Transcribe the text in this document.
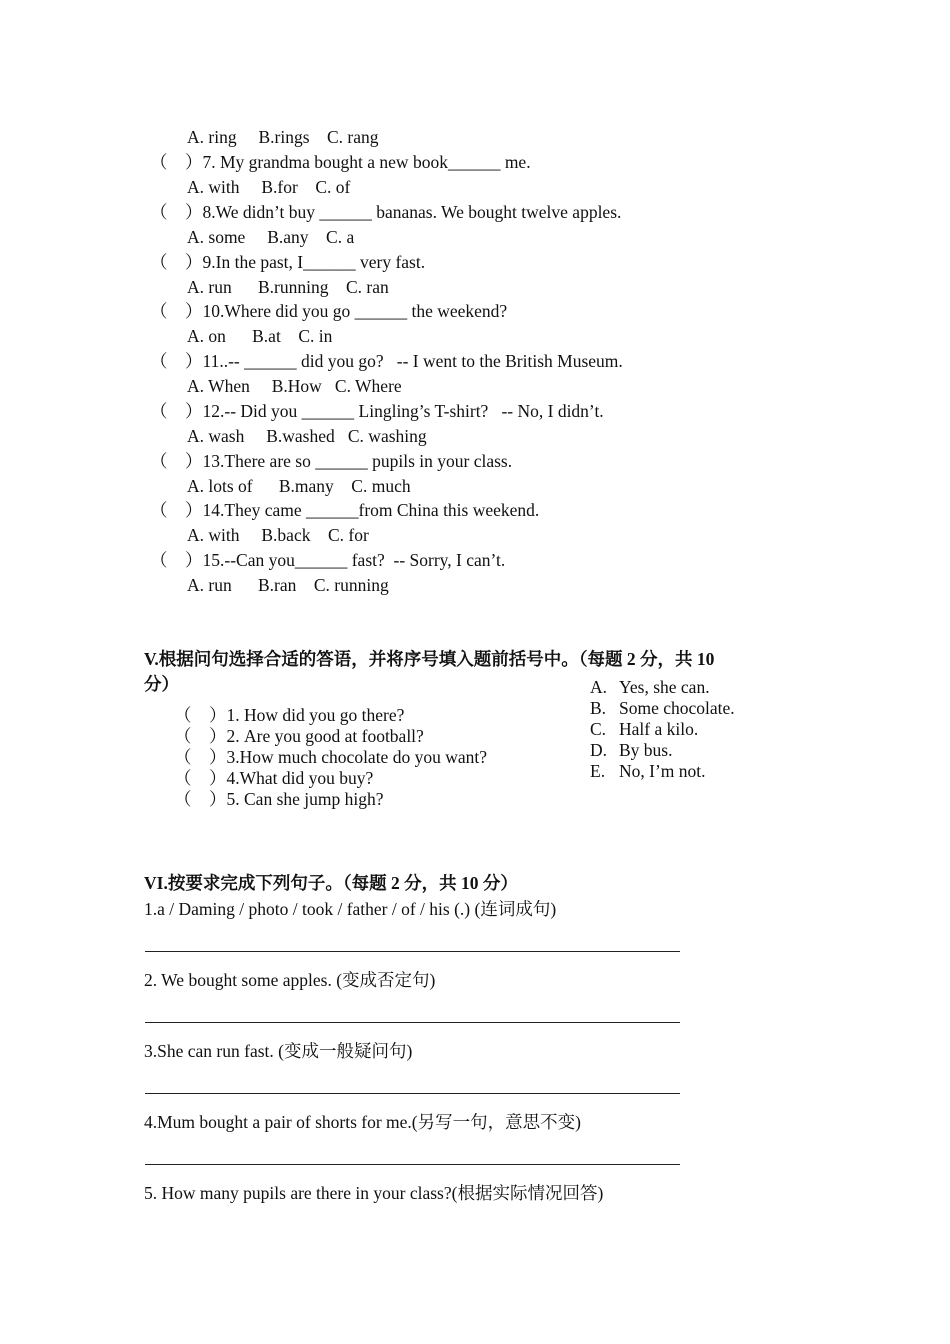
A. ring     B.rings    C. rang
（    ）7. My grandma bought a new book______ me.
A. with     B.for    C. of
（    ）8.We didn’t buy ______ bananas. We bought twelve apples.
A. some     B.any    C. a
（    ）9.In the past, I______ very fast.
A. run      B.running    C. ran
（    ）10.Where did you go ______ the weekend?
A. on      B.at    C. in
（    ）11..-- ______ did you go?   -- I went to the British Museum.
A. When     B.How   C. Where
（    ）12.-- Did you ______ Lingling’s T-shirt?   -- No, I didn’t.
A. wash     B.washed   C. washing
（    ）13.There are so ______ pupils in your class.
A. lots of      B.many    C. much
（    ）14.They came ______from China this weekend.
A. with     B.back    C. for
（    ）15.--Can you______ fast?  -- Sorry, I can’t.
A. run      B.ran    C. running
V.根据问句选择合适的答语，并将序号填入题前括号中。（每题 2 分，共 10
分）
（    ）1. How did you go there?
（    ）2. Are you good at football?
（    ）3.How much chocolate do you want?
（    ）4.What did you buy?
（    ）5. Can she jump high?
A. Yes, she can.
B. Some chocolate.
C. Half a kilo.
D. By bus.
E. No, I’m not.
VI.按要求完成下列句子。（每题 2 分，共 10 分）
1.a / Daming / photo / took / father / of / his (.) (连词成句)
2. We bought some apples. (变成否定句)
3.She can run fast. (变成一般疑问句)
4.Mum bought a pair of shorts for me.(另写一句，意思不变)
5. How many pupils are there in your class?(根据实际情况回答)
